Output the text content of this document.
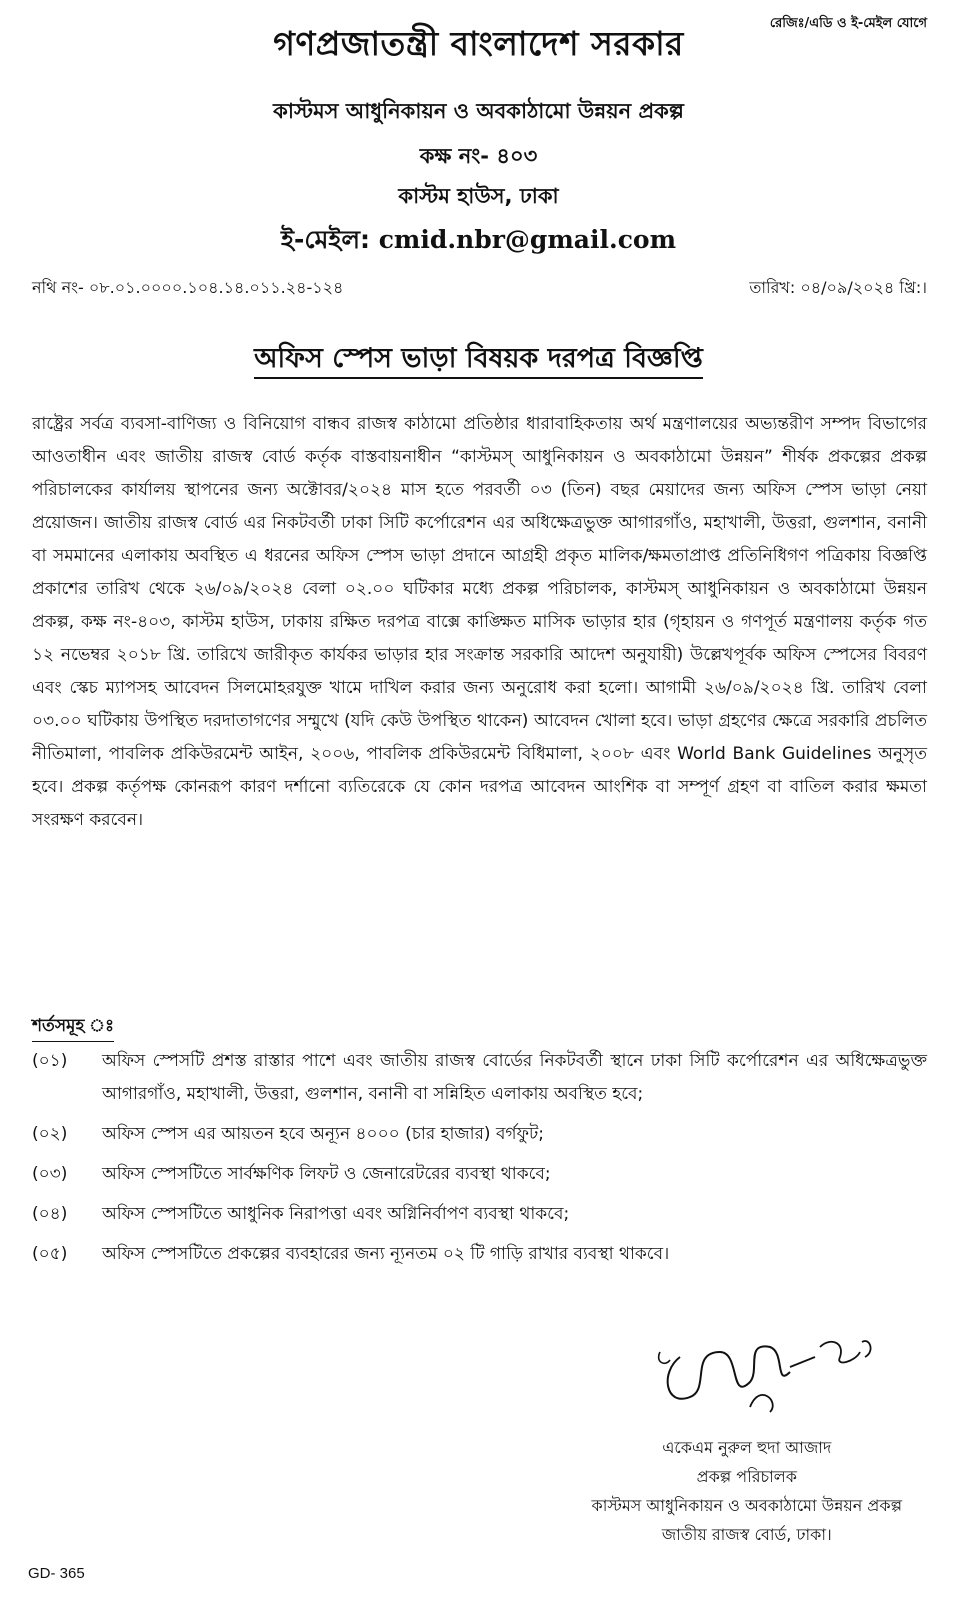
রেজিঃ/এডি ও ই-মেইল যোগে
গণপ্রজাতন্ত্রী বাংলাদেশ সরকার
কাস্টমস আধুনিকায়ন ও অবকাঠামো উন্নয়ন প্রকল্প
কক্ষ নং- ৪০৩
কাস্টম হাউস, ঢাকা
ই-মেইল: cmid.nbr@gmail.com
নথি নং- ০৮.০১.০০০০.১০৪.১৪.০১১.২৪-১২৪	তারিখ: ০৪/০৯/২০২৪ খ্রি:।
অফিস স্পেস ভাড়া বিষয়ক দরপত্র বিজ্ঞপ্তি
রাষ্ট্রের সর্বত্র ব্যবসা-বাণিজ্য ও বিনিয়োগ বান্ধব রাজস্ব কাঠামো প্রতিষ্ঠার ধারাবাহিকতায় অর্থ মন্ত্রণালয়ের অভ্যন্তরীণ সম্পদ বিভাগের আওতাধীন এবং জাতীয় রাজস্ব বোর্ড কর্তৃক বাস্তবায়নাধীন “কাস্টমস্ আধুনিকায়ন ও অবকাঠামো উন্নয়ন” শীর্ষক প্রকল্পের প্রকল্প পরিচালকের কার্যালয় স্থাপনের জন্য অক্টোবর/২০২৪ মাস হতে পরবর্তী ০৩ (তিন) বছর মেয়াদের জন্য অফিস স্পেস ভাড়া নেয়া প্রয়োজন। জাতীয় রাজস্ব বোর্ড এর নিকটবর্তী ঢাকা সিটি কর্পোরেশন এর অধিক্ষেত্রভুক্ত আগারগাঁও, মহাখালী, উত্তরা, গুলশান, বনানী বা সমমানের এলাকায় অবস্থিত এ ধরনের অফিস স্পেস ভাড়া প্রদানে আগ্রহী প্রকৃত মালিক/ক্ষমতাপ্রাপ্ত প্রতিনিধিগণ পত্রিকায় বিজ্ঞপ্তি প্রকাশের তারিখ থেকে ২৬/০৯/২০২৪ বেলা ০২.০০ ঘটিকার মধ্যে প্রকল্প পরিচালক, কাস্টমস্ আধুনিকায়ন ও অবকাঠামো উন্নয়ন প্রকল্প, কক্ষ নং-৪০৩, কাস্টম হাউস, ঢাকায় রক্ষিত দরপত্র বাক্সে কাঙ্ক্ষিত মাসিক ভাড়ার হার (গৃহায়ন ও গণপূর্ত মন্ত্রণালয় কর্তৃক গত ১২ নভেম্বর ২০১৮ খ্রি. তারিখে জারীকৃত কার্যকর ভাড়ার হার সংক্রান্ত সরকারি আদেশ অনুযায়ী) উল্লেখপূর্বক অফিস স্পেসের বিবরণ এবং স্কেচ ম্যাপসহ আবেদন সিলমোহরযুক্ত খামে দাখিল করার জন্য অনুরোধ করা হলো। আগামী ২৬/০৯/২০২৪ খ্রি. তারিখ বেলা ০৩.০০ ঘটিকায় উপস্থিত দরদাতাগণের সম্মুখে (যদি কেউ উপস্থিত থাকেন) আবেদন খোলা হবে। ভাড়া গ্রহণের ক্ষেত্রে সরকারি প্রচলিত নীতিমালা, পাবলিক প্রকিউরমেন্ট আইন, ২০০৬, পাবলিক প্রকিউরমেন্ট বিধিমালা, ২০০৮ এবং World Bank Guidelines অনুসৃত হবে। প্রকল্প কর্তৃপক্ষ কোনরূপ কারণ দর্শানো ব্যতিরেকে যে কোন দরপত্র আবেদন আংশিক বা সম্পূর্ণ গ্রহণ বা বাতিল করার ক্ষমতা সংরক্ষণ করবেন।
শর্তসমূহ ঃ
(০১)	অফিস স্পেসটি প্রশস্ত রাস্তার পাশে এবং জাতীয় রাজস্ব বোর্ডের নিকটবর্তী স্থানে ঢাকা সিটি কর্পোরেশন এর অধিক্ষেত্রভুক্ত আগারগাঁও, মহাখালী, উত্তরা, গুলশান, বনানী বা সন্নিহিত এলাকায় অবস্থিত হবে;
(০২)	অফিস স্পেস এর আয়তন হবে অন্যূন ৪০০০ (চার হাজার) বর্গফুট;
(০৩)	অফিস স্পেসটিতে সার্বক্ষণিক লিফট ও জেনারেটরের ব্যবস্থা থাকবে;
(০৪)	অফিস স্পেসটিতে আধুনিক নিরাপত্তা এবং অগ্নিনির্বাপণ ব্যবস্থা থাকবে;
(০৫)	অফিস স্পেসটিতে প্রকল্পের ব্যবহারের জন্য ন্যূনতম ০২ টি গাড়ি রাখার ব্যবস্থা থাকবে।
একেএম নুরুল হুদা আজাদ
প্রকল্প পরিচালক
কাস্টমস আধুনিকায়ন ও অবকাঠামো উন্নয়ন প্রকল্প
জাতীয় রাজস্ব বোর্ড, ঢাকা।
GD- 365
